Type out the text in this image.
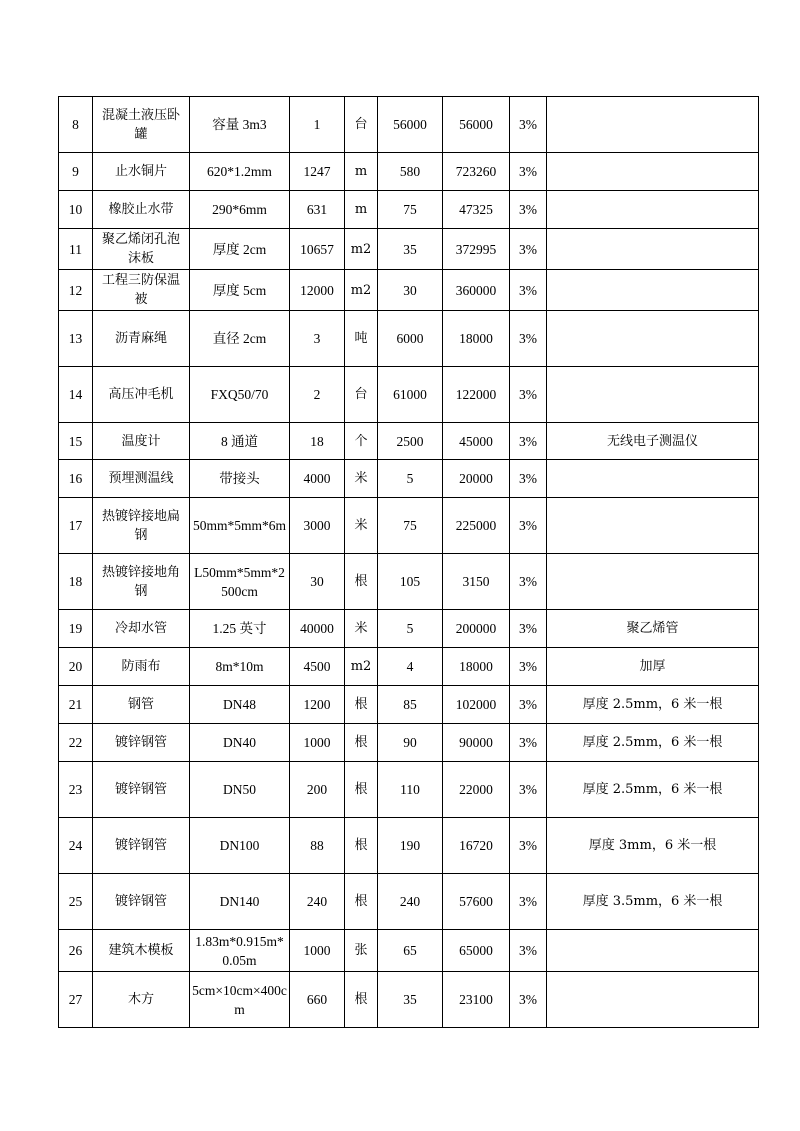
8	混凝土液压卧罐	容量 3m3	1	台	56000	56000	3%	
9	止水铜片	620*1.2mm	1247	m	580	723260	3%	
10	橡胶止水带	290*6mm	631	m	75	47325	3%	
11	聚乙烯闭孔泡沫板	厚度 2cm	10657	m2	35	372995	3%	
12	工程三防保温被	厚度 5cm	12000	m2	30	360000	3%	
13	沥青麻绳	直径 2cm	3	吨	6000	18000	3%	
14	高压冲毛机	FXQ50/70	2	台	61000	122000	3%	
15	温度计	8 通道	18	个	2500	45000	3%	无线电子测温仪
16	预埋测温线	带接头	4000	米	5	20000	3%	
17	热镀锌接地扁钢	50mm*5mm*6m	3000	米	75	225000	3%	
18	热镀锌接地角钢	L50mm*5mm*2500cm	30	根	105	3150	3%	
19	冷却水管	1.25 英寸	40000	米	5	200000	3%	聚乙烯管
20	防雨布	8m*10m	4500	m2	4	18000	3%	加厚
21	钢管	DN48	1200	根	85	102000	3%	厚度 2.5mm，6 米一根
22	镀锌钢管	DN40	1000	根	90	90000	3%	厚度 2.5mm，6 米一根
23	镀锌钢管	DN50	200	根	110	22000	3%	厚度 2.5mm，6 米一根
24	镀锌钢管	DN100	88	根	190	16720	3%	厚度 3mm，6 米一根
25	镀锌钢管	DN140	240	根	240	57600	3%	厚度 3.5mm，6 米一根
26	建筑木模板	1.83m*0.915m*0.05m	1000	张	65	65000	3%	
27	木方	5cm×10cm×400cm	660	根	35	23100	3%	
